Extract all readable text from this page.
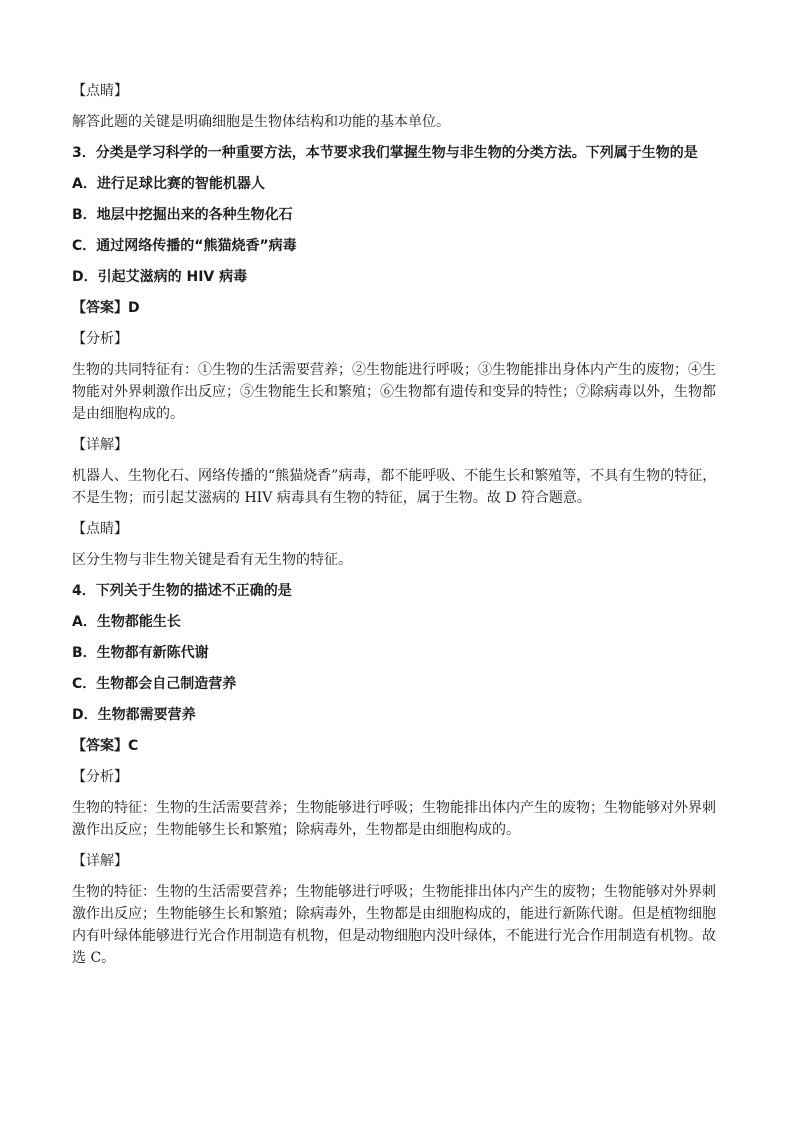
【点睛】

解答此题的关键是明确细胞是生物体结构和功能的基本单位。

3．分类是学习科学的一种重要方法，本节要求我们掌握生物与非生物的分类方法。下列属于生物的是

A．进行足球比赛的智能机器人

B．地层中挖掘出来的各种生物化石

C．通过网络传播的“熊猫烧香”病毒

D．引起艾滋病的 HIV 病毒

【答案】D

【分析】

生物的共同特征有：①生物的生活需要营养；②生物能进行呼吸；③生物能排出身体内产生的废物；④生

物能对外界刺激作出反应；⑤生物能生长和繁殖；⑥生物都有遗传和变异的特性；⑦除病毒以外，生物都

是由细胞构成的。

【详解】

机器人、生物化石、网络传播的“熊猫烧香”病毒，都不能呼吸、不能生长和繁殖等，不具有生物的特征，

不是生物；而引起艾滋病的 HIV 病毒具有生物的特征，属于生物。故 D 符合题意。

【点睛】

区分生物与非生物关键是看有无生物的特征。

4．下列关于生物的描述不正确的是

A．生物都能生长

B．生物都有新陈代谢

C．生物都会自己制造营养

D．生物都需要营养

【答案】C

【分析】

生物的特征：生物的生活需要营养；生物能够进行呼吸；生物能排出体内产生的废物；生物能够对外界刺

激作出反应；生物能够生长和繁殖；除病毒外，生物都是由细胞构成的。

【详解】

生物的特征：生物的生活需要营养；生物能够进行呼吸；生物能排出体内产生的废物；生物能够对外界刺

激作出反应；生物能够生长和繁殖；除病毒外，生物都是由细胞构成的，能进行新陈代谢。但是植物细胞

内有叶绿体能够进行光合作用制造有机物，但是动物细胞内没叶绿体，不能进行光合作用制造有机物。故

选 C。
